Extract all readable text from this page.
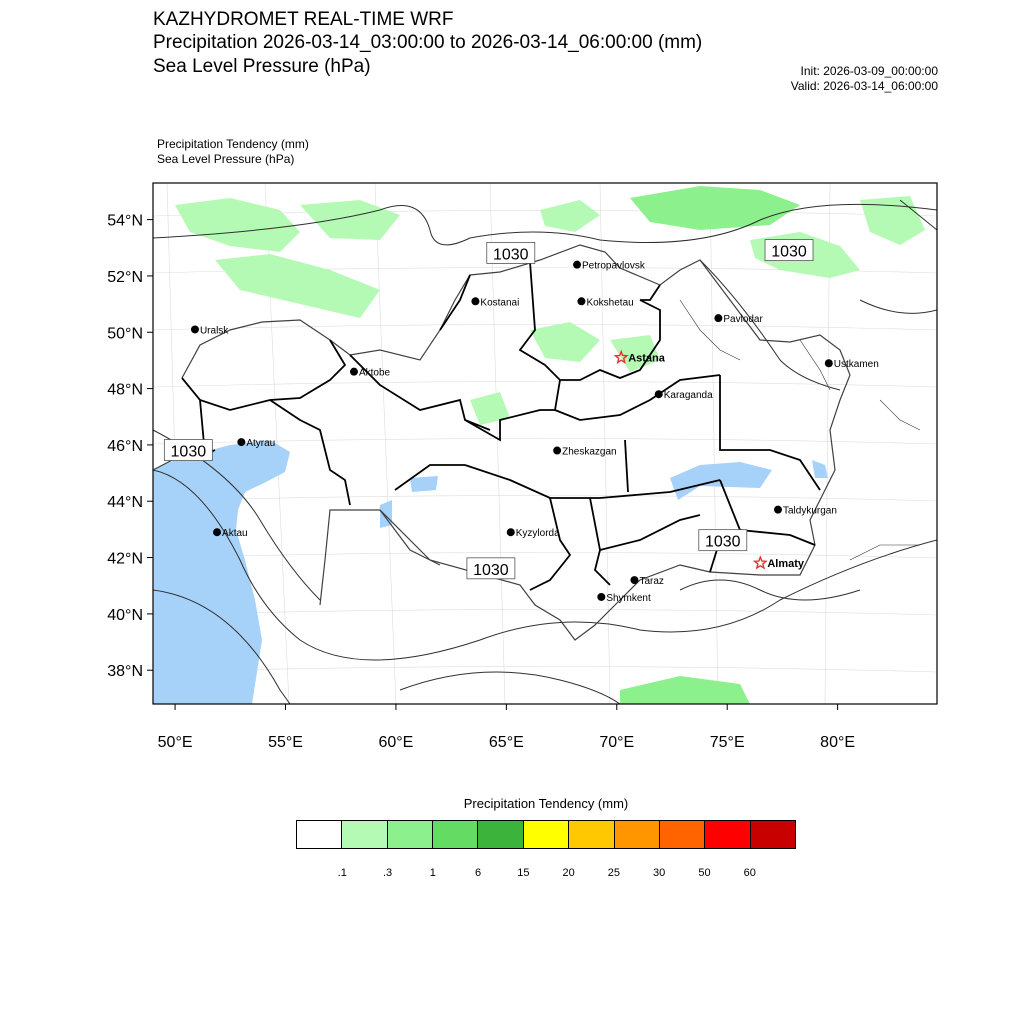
KAZHYDROMET REAL-TIME WRF
Precipitation 2026-03-14_03:00:00 to 2026-03-14_06:00:00 (mm)
Sea Level Pressure (hPa)	Init: 2026-03-09_00:00:00
Valid: 2026-03-14_06:00:00
Precipitation Tendency (mm)
Sea Level Pressure (hPa)
54°N
52°N
50°N
48°N
46°N
44°N
42°N
40°N
38°N
50°E	55°E	60°E	65°E	70°E	75°E	80°E
1030	1030
1030
1030
1030
Petropavlovsk
Kostanai	Kokshetau
Uralsk
Pavlodar
Astana
Ustkamen
Aktobe
Karaganda
Atyrau
Zheskazgan
Taldykurgan
Kyzylorda
Aktau
Almaty
Taraz
Shymkent
Precipitation Tendency (mm)
.1	.3	1	6	15	20	25	30	50	60
